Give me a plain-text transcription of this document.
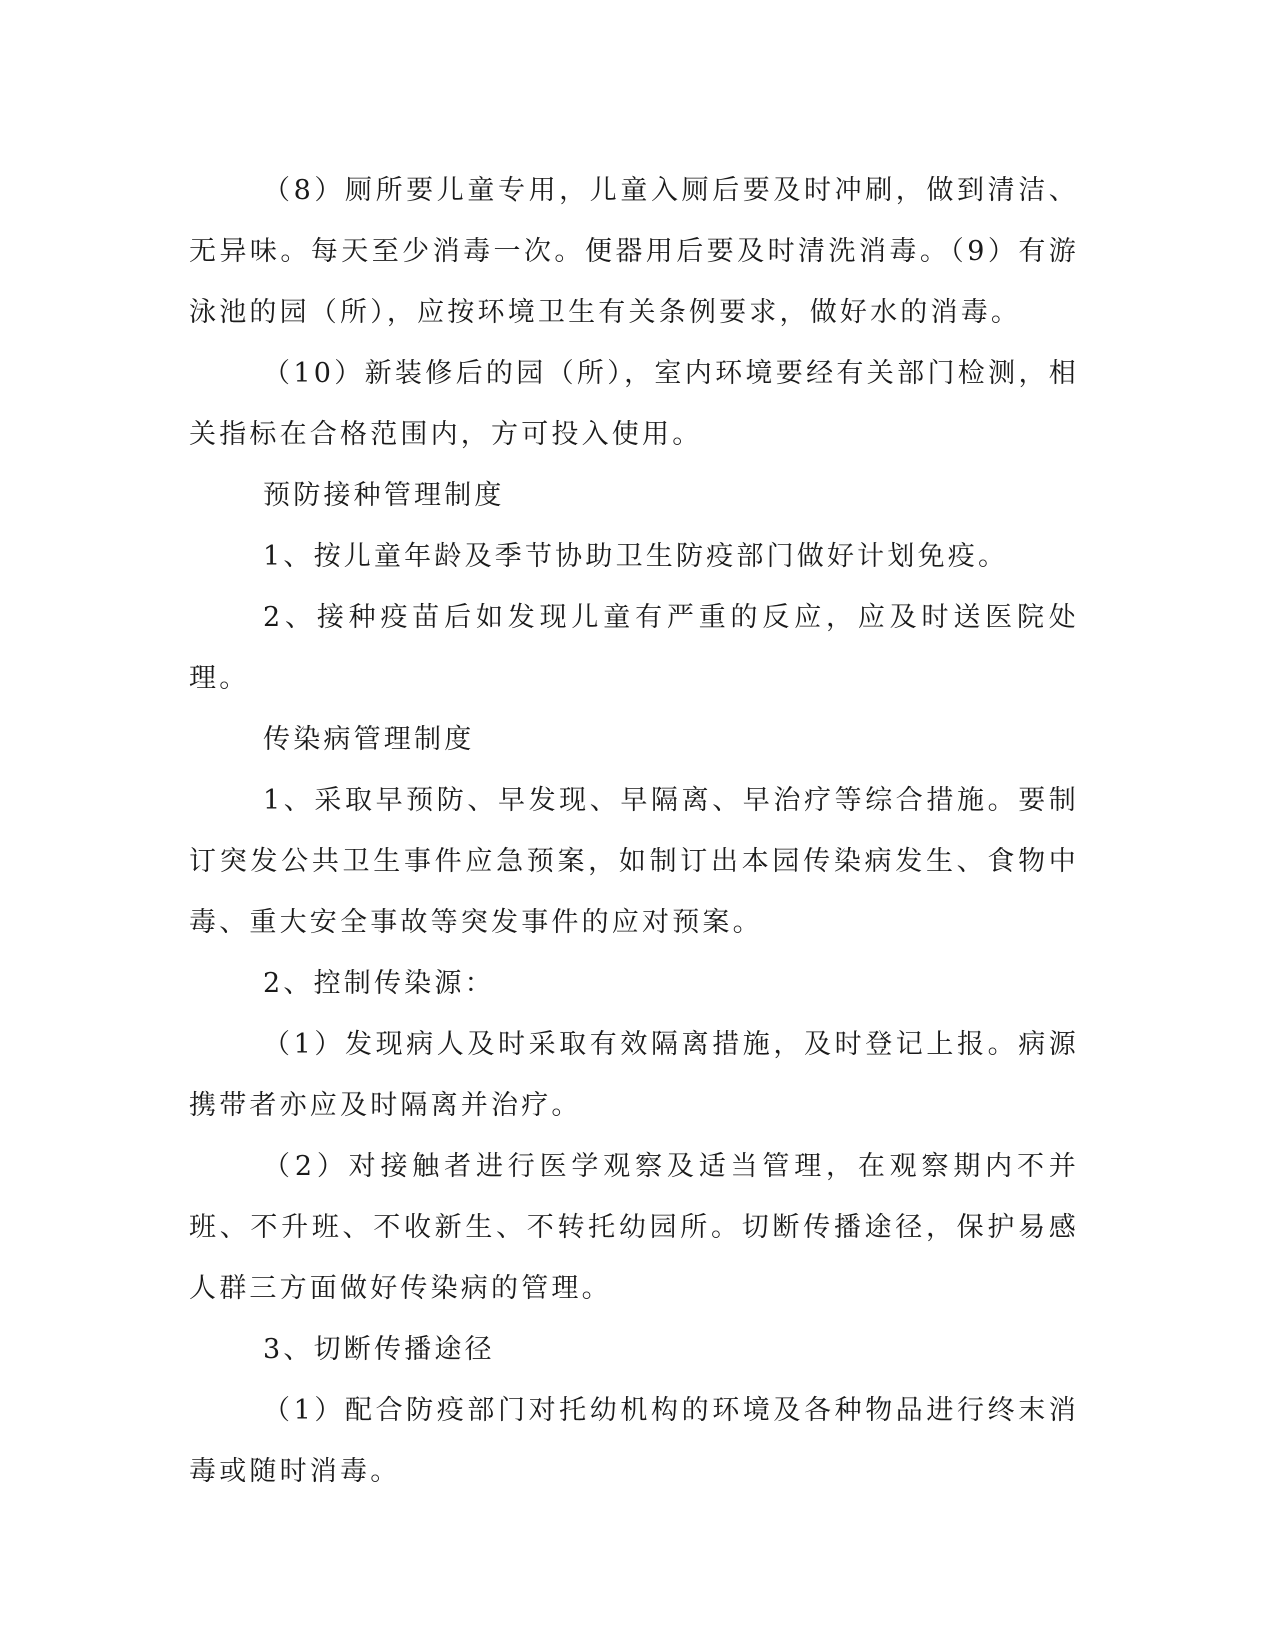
（8）厕所要儿童专用，儿童入厕后要及时冲刷，做到清洁、无异味。每天至少消毒一次。便器用后要及时清洗消毒。（9）有游泳池的园（所），应按环境卫生有关条例要求，做好水的消毒。

（10）新装修后的园（所），室内环境要经有关部门检测，相关指标在合格范围内，方可投入使用。

预防接种管理制度

1、按儿童年龄及季节协助卫生防疫部门做好计划免疫。

2、接种疫苗后如发现儿童有严重的反应，应及时送医院处理。

传染病管理制度

1、采取早预防、早发现、早隔离、早治疗等综合措施。要制订突发公共卫生事件应急预案，如制订出本园传染病发生、食物中毒、重大安全事故等突发事件的应对预案。

2、控制传染源：

（1）发现病人及时采取有效隔离措施，及时登记上报。病源携带者亦应及时隔离并治疗。

（2）对接触者进行医学观察及适当管理，在观察期内不并班、不升班、不收新生、不转托幼园所。切断传播途径，保护易感人群三方面做好传染病的管理。

3、切断传播途径

（1）配合防疫部门对托幼机构的环境及各种物品进行终末消毒或随时消毒。
